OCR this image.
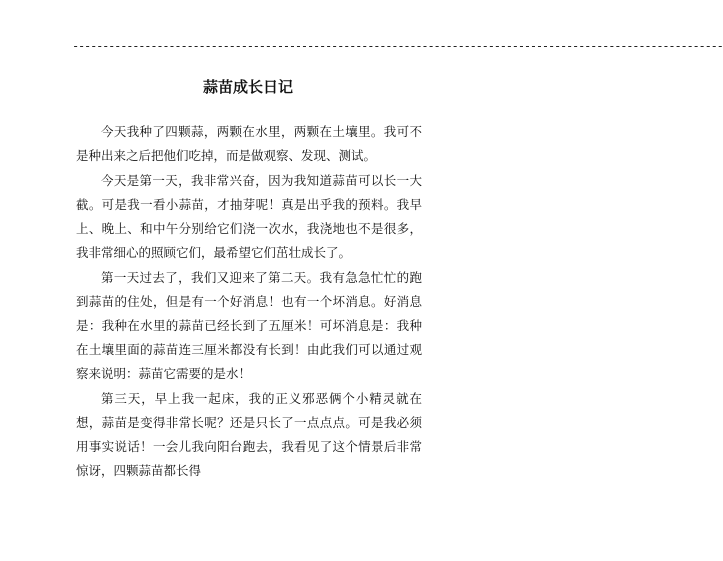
------------------------------------------------------------------------------------------------------------
蒜苗成长日记

今天我种了四颗蒜，两颗在水里，两颗在土壤里。我可不是种出来之后把他们吃掉，而是做观察、发现、测试。

今天是第一天，我非常兴奋，因为我知道蒜苗可以长一大截。可是我一看小蒜苗，才抽芽呢！真是出乎我的预料。我早上、晚上、和中午分别给它们浇一次水，我浇地也不是很多，我非常细心的照顾它们，最希望它们茁壮成长了。

第一天过去了，我们又迎来了第二天。我有急急忙忙的跑到蒜苗的住处，但是有一个好消息！也有一个坏消息。好消息是：我种在水里的蒜苗已经长到了五厘米！可坏消息是：我种在土壤里面的蒜苗连三厘米都没有长到！由此我们可以通过观察来说明：蒜苗它需要的是水！

第三天，早上我一起床，我的正义邪恶俩个小精灵就在想，蒜苗是变得非常长呢？还是只长了一点点点。可是我必须用事实说话！一会儿我向阳台跑去，我看见了这个情景后非常惊讶，四颗蒜苗都长得
